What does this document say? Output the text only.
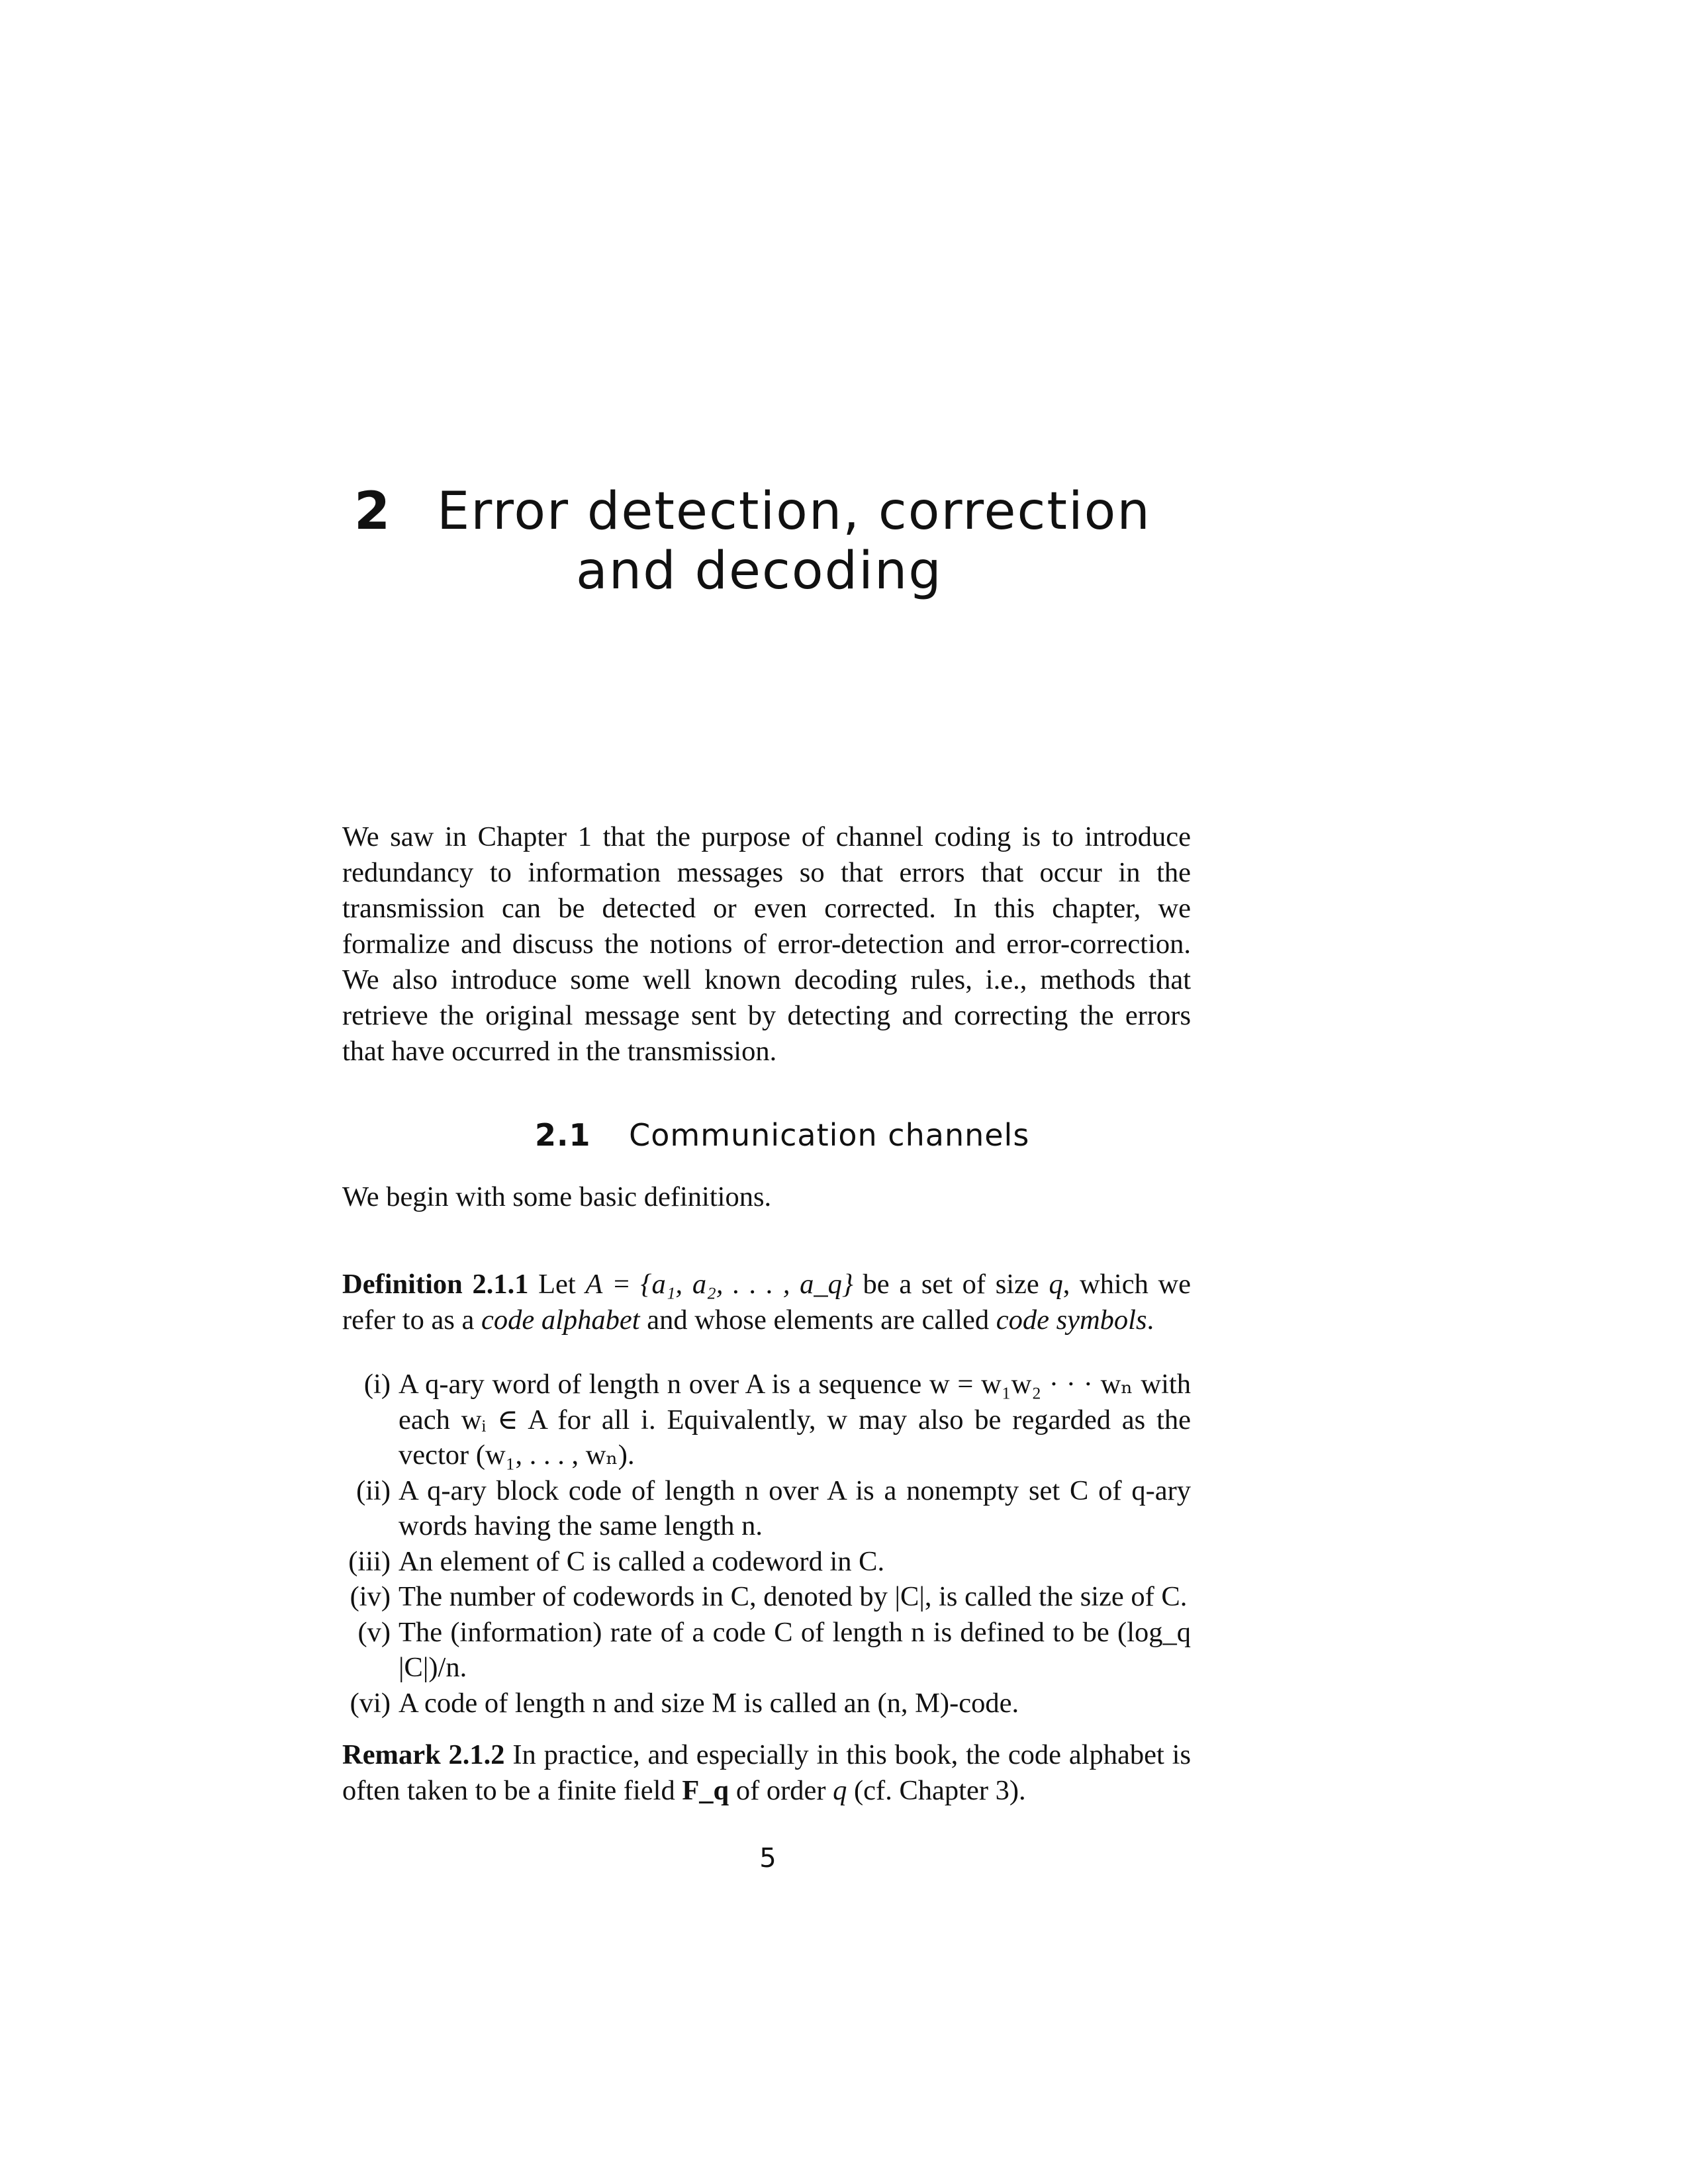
2 Error detection, correction
and decoding

We saw in Chapter 1 that the purpose of channel coding is to introduce redundancy to information messages so that errors that occur in the transmission can be detected or even corrected. In this chapter, we formalize and discuss the notions of error-detection and error-correction. We also introduce some well known decoding rules, i.e., methods that retrieve the original message sent by detecting and correcting the errors that have occurred in the transmission.

2.1 Communication channels

We begin with some basic definitions.

Definition 2.1.1 Let A = {a₁, a₂, . . . , a_q} be a set of size q, which we refer to as a code alphabet and whose elements are called code symbols.

(i) A q-ary word of length n over A is a sequence w = w₁w₂ · · · wₙ with each wᵢ ∈ A for all i. Equivalently, w may also be regarded as the vector (w₁, . . . , wₙ).
(ii) A q-ary block code of length n over A is a nonempty set C of q-ary words having the same length n.
(iii) An element of C is called a codeword in C.
(iv) The number of codewords in C, denoted by |C|, is called the size of C.
(v) The (information) rate of a code C of length n is defined to be (log_q |C|)/n.
(vi) A code of length n and size M is called an (n, M)-code.

Remark 2.1.2 In practice, and especially in this book, the code alphabet is often taken to be a finite field F_q of order q (cf. Chapter 3).

5
